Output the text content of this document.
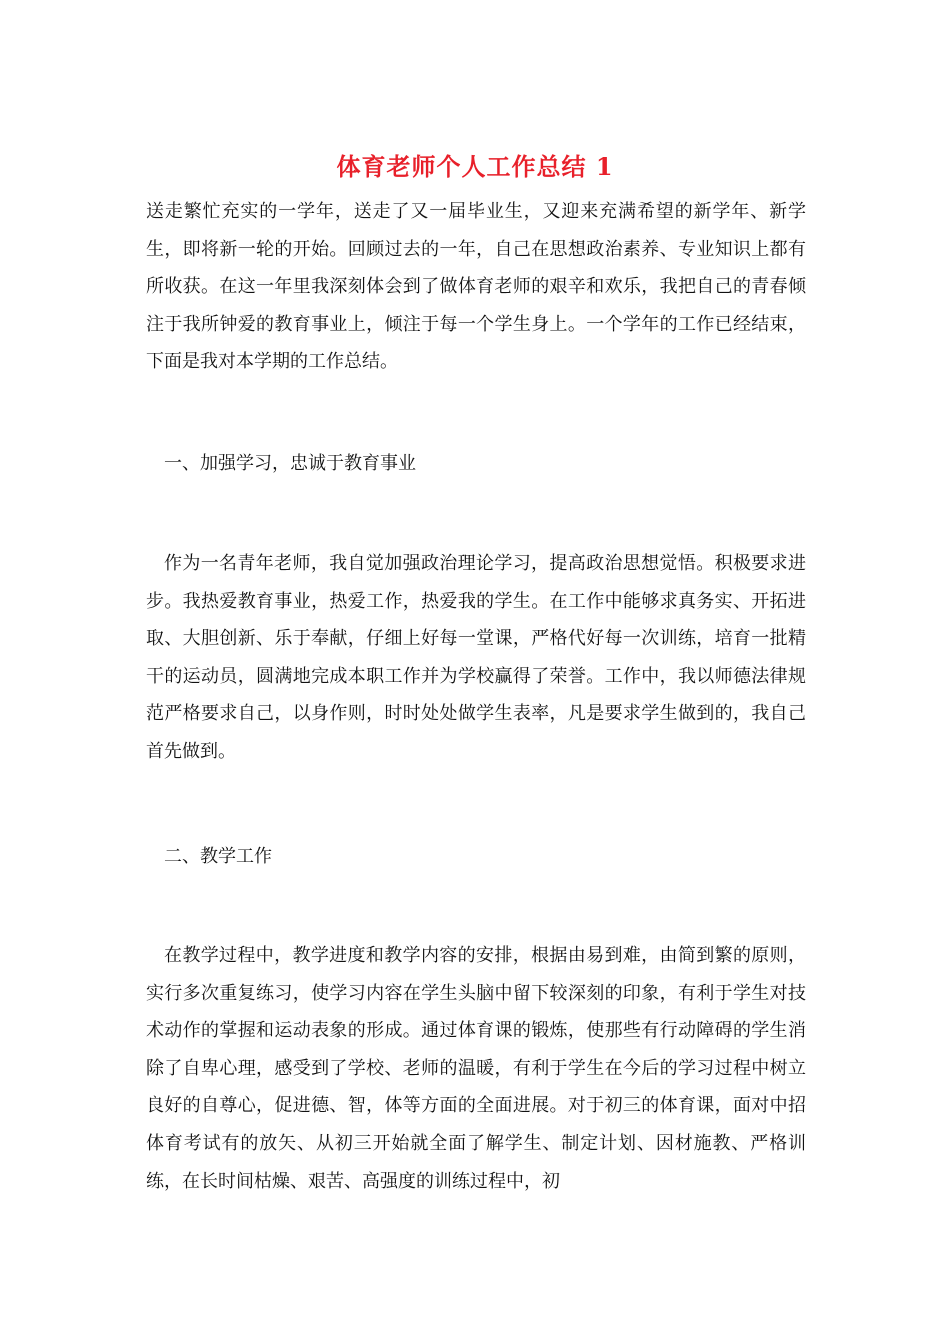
体育老师个人工作总结 1

送走繁忙充实的一学年，送走了又一届毕业生，又迎来充满希望的新学年、新学生，即将新一轮的开始。回顾过去的一年，自己在思想政治素养、专业知识上都有所收获。在这一年里我深刻体会到了做体育老师的艰辛和欢乐，我把自己的青春倾注于我所钟爱的教育事业上，倾注于每一个学生身上。一个学年的工作已经结束，下面是我对本学期的工作总结。

一、加强学习，忠诚于教育事业

作为一名青年老师，我自觉加强政治理论学习，提高政治思想觉悟。积极要求进步。我热爱教育事业，热爱工作，热爱我的学生。在工作中能够求真务实、开拓进取、大胆创新、乐于奉献，仔细上好每一堂课，严格代好每一次训练，培育一批精干的运动员，圆满地完成本职工作并为学校赢得了荣誉。工作中，我以师德法律规范严格要求自己，以身作则，时时处处做学生表率，凡是要求学生做到的，我自己首先做到。

二、教学工作

在教学过程中，教学进度和教学内容的安排，根据由易到难，由简到繁的原则，实行多次重复练习，使学习内容在学生头脑中留下较深刻的印象，有利于学生对技术动作的掌握和运动表象的形成。通过体育课的锻炼，使那些有行动障碍的学生消除了自卑心理，感受到了学校、老师的温暖，有利于学生在今后的学习过程中树立良好的自尊心，促进德、智，体等方面的全面进展。对于初三的体育课，面对中招体育考试有的放矢、从初三开始就全面了解学生、制定计划、因材施教、严格训练，在长时间枯燥、艰苦、高强度的训练过程中，初
